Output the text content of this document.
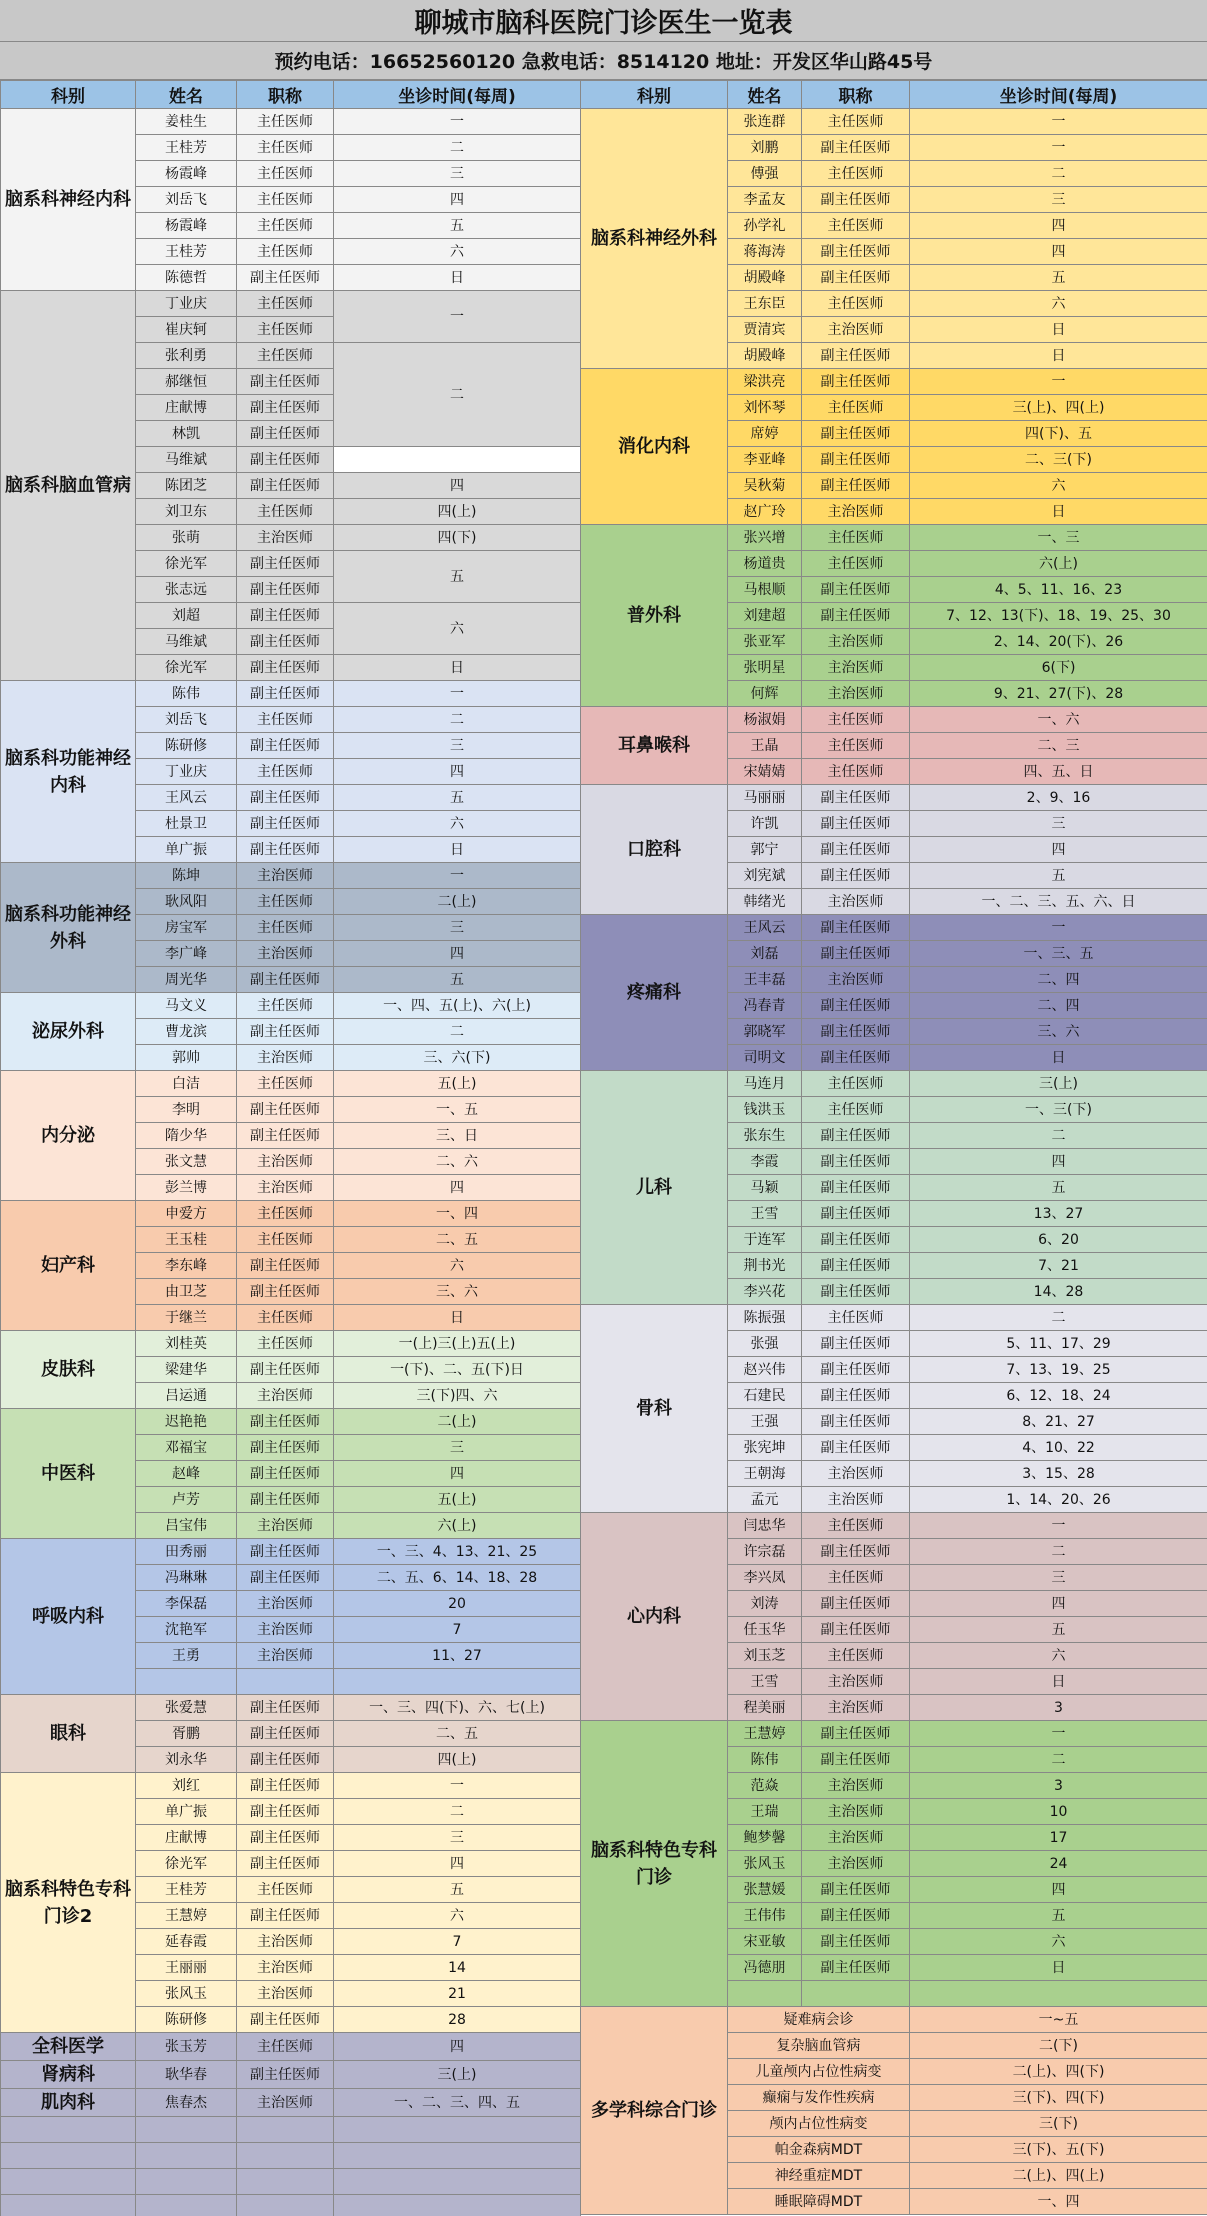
聊城市脑科医院门诊医生一览表
预约电话：16652560120 急救电话：8514120 地址：开发区华山路45号
科别	姓名	职称	坐诊时间(每周)	
脑系科神经内科	姜桂生	主任医师	一	
	王桂芳	主任医师	二	
	杨霞峰	主任医师	三	
	刘岳飞	主任医师	四	
	杨霞峰	主任医师	五	
	王桂芳	主任医师	六	
	陈德哲	副主任医师	日	
脑系科脑血管病	丁业庆	主任医师	一	
	崔庆轲	主任医师		
	张利勇	主任医师	二	
	郝继恒	副主任医师		
	庄献博	副主任医师		
	林凯	副主任医师	
	马维斌	副主任医师		
	陈团芝	副主任医师	四	
	刘卫东	主任医师	四(上)	
	张萌	主治医师	四(下)	
	徐光军	副主任医师	五	
	张志远	副主任医师		
	刘超	副主任医师	六	
	马维斌	副主任医师		
	徐光军	副主任医师	日	
脑系科功能神经内科	陈伟	副主任医师	一	
	刘岳飞	主任医师	二	
	陈研修	副主任医师	三	
	丁业庆	主任医师	四	
	王风云	副主任医师	五	
	杜景卫	副主任医师	六	
	单广振	副主任医师	日	
脑系科功能神经外科	陈坤	主治医师	一	
	耿风阳	主任医师	二(上)	
	房宝军	主任医师	三	
	李广峰	主治医师	四	
	周光华	副主任医师	五	
泌尿外科	马文义	主任医师	一、四、五(上)、六(上)	
	曹龙滨	副主任医师	二	
	郭帅	主治医师	三、六(下)	
内分泌	白洁	主任医师	五(上)	
	李明	副主任医师	一、五	
	隋少华	副主任医师	三、日	
	张文慧	主治医师	二、六	
	彭兰博	主治医师	四	
妇产科	申爱方	主任医师	一、四	
	王玉桂	主任医师	二、五	
	李东峰	副主任医师	六	
	由卫芝	副主任医师	三、六	
	于继兰	主任医师	日	
皮肤科	刘桂英	主任医师	一(上)三(上)五(上)	
	梁建华	副主任医师	一(下)、二、五(下)日	
	吕运通	主治医师	三(下)四、六	
中医科	迟艳艳	副主任医师	二(上)	
	邓福宝	副主任医师	三	
	赵峰	副主任医师	四	
	卢芳	副主任医师	五(上)	
	吕宝伟	主治医师	六(上)	
呼吸内科	田秀丽	副主任医师	一、三、4、13、21、25	
	冯琳琳	副主任医师	二、五、6、14、18、28	
	李保磊	主治医师	20	
	沈艳军	主治医师	7	
	王勇	主治医师	11、27	

眼科	张爱慧	副主任医师	一、三、四(下)、六、七(上)	
	胥鹏	副主任医师	二、五	
	刘永华	副主任医师	四(上)	
脑系科特色专科门诊2	刘红	副主任医师	一	
	单广振	副主任医师	二	
	庄献博	副主任医师	三	
	徐光军	副主任医师	四	
	王桂芳	主任医师	五	
	王慧婷	副主任医师	六	
	延春霞	主治医师	7	
	王丽丽	主治医师	14	
	张风玉	主治医师	21	
	陈研修	副主任医师	28	
全科医学	张玉芳	主任医师	四	
肾病科	耿华春	副主任医师	三(上)	
肌肉科	焦春杰	主治医师	一、二、三、四、五	

科别	姓名	职称	坐诊时间(每周)
脑系科神经外科	张连群	主任医师	一
	刘鹏	副主任医师	一
	傅强	主任医师	二
	李孟友	副主任医师	三
	孙学礼	主任医师	四
	蒋海涛	副主任医师	四
	胡殿峰	副主任医师	五
	王东臣	主任医师	六
	贾清宾	主治医师	日
	胡殿峰	副主任医师	日
消化内科	梁洪亮	副主任医师	一
	刘怀琴	主任医师	三(上)、四(上)
	席婷	副主任医师	四(下)、五
	李亚峰	副主任医师	二、三(下)
	吴秋菊	副主任医师	六
	赵广玲	主治医师	日
普外科	张兴增	主任医师	一、三
	杨道贵	主任医师	六(上)
	马根顺	副主任医师	4、5、11、16、23
	刘建超	副主任医师	7、12、13(下)、18、19、25、30
	张亚军	主治医师	2、14、20(下)、26
	张明星	主治医师	6(下)
	何辉	主治医师	9、21、27(下)、28
耳鼻喉科	杨淑娟	主任医师	一、六
	王晶	主任医师	二、三
	宋婧婧	主任医师	四、五、日
口腔科	马丽丽	副主任医师	2、9、16
	许凯	副主任医师	三
	郭宁	副主任医师	四
	刘宪斌	副主任医师	五
	韩绪光	主治医师	一、二、三、五、六、日
疼痛科	王风云	副主任医师	一
	刘磊	副主任医师	一、三、五
	王丰磊	主治医师	二、四
	冯春青	副主任医师	二、四
	郭晓军	副主任医师	三、六
	司明文	副主任医师	日
儿科	马连月	主任医师	三(上)
	钱洪玉	主任医师	一、三(下)
	张东生	副主任医师	二
	李霞	副主任医师	四
	马颖	副主任医师	五
	王雪	副主任医师	13、27
	于连军	副主任医师	6、20
	荆书光	副主任医师	7、21
	李兴花	副主任医师	14、28
骨科	陈振强	主任医师	二
	张强	副主任医师	5、11、17、29
	赵兴伟	副主任医师	7、13、19、25
	石建民	副主任医师	6、12、18、24
	王强	副主任医师	8、21、27
	张宪坤	副主任医师	4、10、22
	王朝海	主治医师	3、15、28
	孟元	主治医师	1、14、20、26
心内科	闫忠华	主任医师	一
	许宗磊	副主任医师	二
	李兴凤	主任医师	三
	刘涛	副主任医师	四
	任玉华	副主任医师	五
	刘玉芝	主任医师	六
	王雪	主治医师	日
	程美丽	主治医师	3
脑系科特色专科门诊	王慧婷	副主任医师	一
	陈伟	副主任医师	二
	范焱	主治医师	3
	王瑞	主治医师	10
	鲍梦馨	主治医师	17
	张风玉	主治医师	24
	张慧媛	副主任医师	四
	王伟伟	副主任医师	五
	宋亚敏	副主任医师	六
	冯德朋	副主任医师	日

多学科综合门诊	疑难病会诊		一~五
	复杂脑血管病		二(下)
	儿童颅内占位性病变		二(上)、四(下)
	癫痫与发作性疾病		三(下)、四(下)
	颅内占位性病变		三(下)
	帕金森病MDT		三(下)、五(下)
	神经重症MDT		二(上)、四(上)
	睡眠障碍MDT		一、四
